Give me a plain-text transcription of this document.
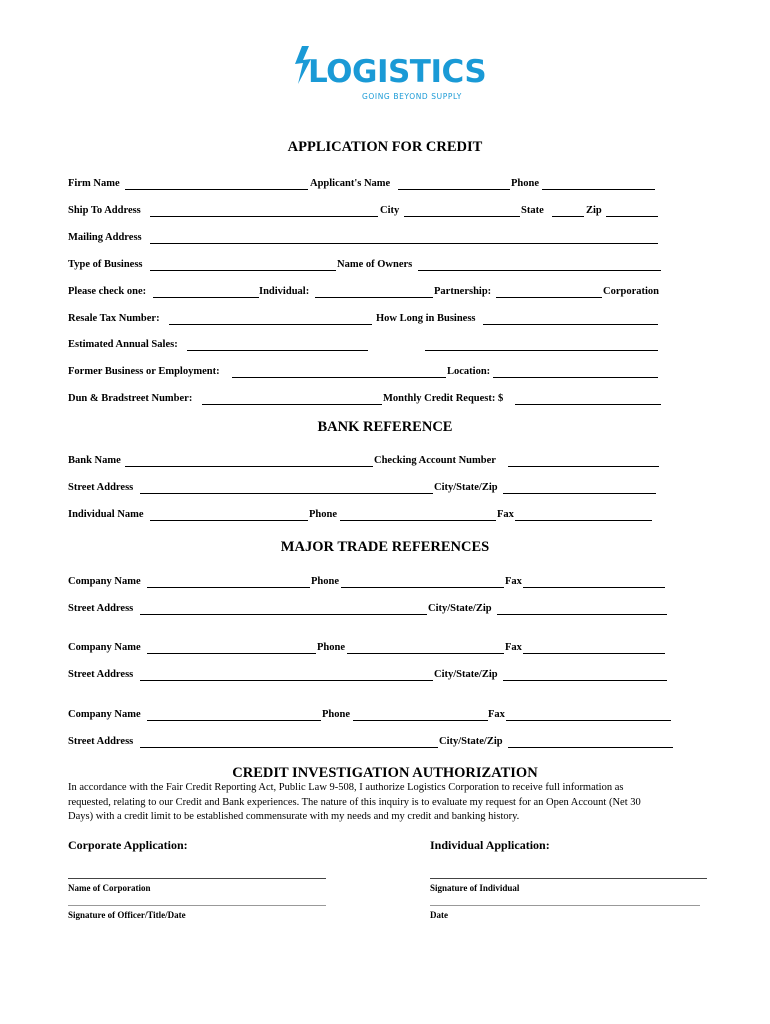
LOGISTICS
GOING BEYOND SUPPLY
APPLICATION FOR CREDIT
Firm Name	Applicant's Name	Phone
Ship To Address	City	State	Zip
Mailing Address
Type of Business	Name of Owners
Please check one:	Individual:	Partnership:	Corporation
Resale Tax Number:	How Long in Business
Estimated Annual Sales:
Former Business or Employment:	Location:
Dun & Bradstreet Number:	Monthly Credit Request: $
BANK REFERENCE
Bank Name	Checking Account Number
Street Address	City/State/Zip
Individual Name	Phone	Fax
MAJOR TRADE REFERENCES
Company Name	Phone	Fax
Street Address	City/State/Zip
Company Name	Phone	Fax
Street Address	City/State/Zip
Company Name	Phone	Fax
Street Address	City/State/Zip
CREDIT INVESTIGATION AUTHORIZATION
In accordance with the Fair Credit Reporting Act, Public Law 9-508, I authorize Logistics Corporation to receive full information as
requested, relating to our Credit and Bank experiences. The nature of this inquiry is to evaluate my request for an Open Account (Net 30
Days) with a credit limit to be established commensurate with my needs and my credit and banking history.
Corporate Application:	Individual Application:
Name of Corporation	Signature of Individual
Signature of Officer/Title/Date	Date
